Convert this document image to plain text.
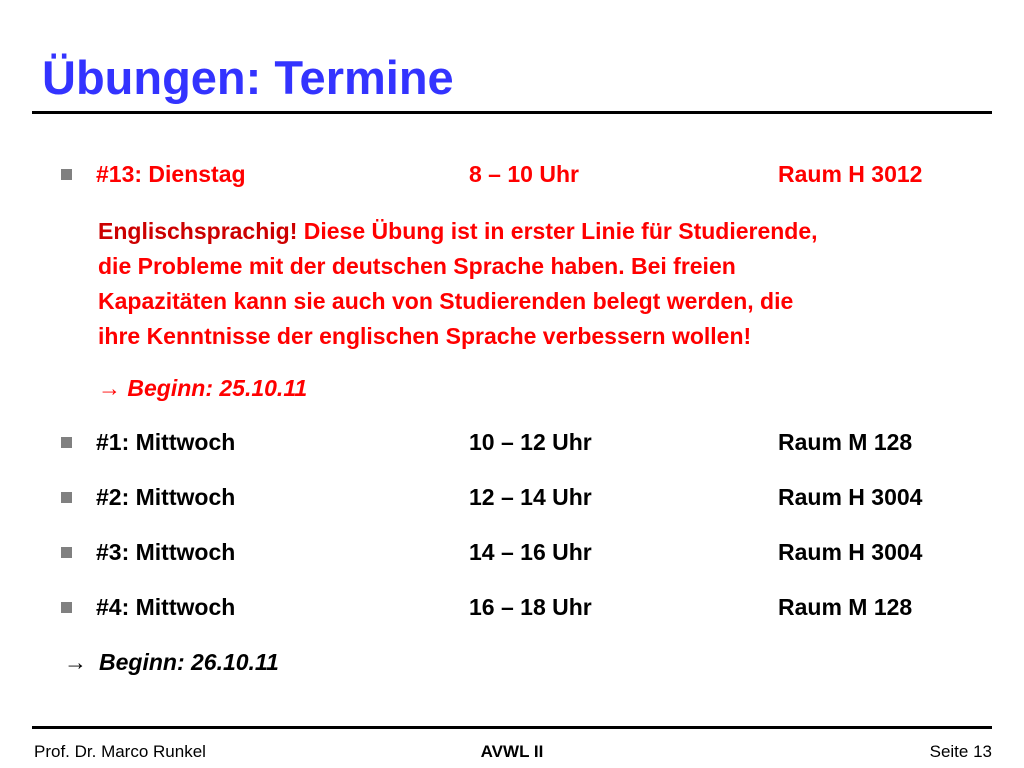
Übungen: Termine
#13: Dienstag	8 – 10 Uhr	Raum H 3012
Englischsprachig! Diese Übung ist in erster Linie für Studierende,
die Probleme mit der deutschen Sprache haben. Bei freien
Kapazitäten kann sie auch von Studierenden belegt werden, die
ihre Kenntnisse der englischen Sprache verbessern wollen!
→ Beginn: 25.10.11
#1: Mittwoch	10 – 12 Uhr	Raum M 128
#2: Mittwoch	12 – 14 Uhr	Raum H 3004
#3: Mittwoch	14 – 16 Uhr	Raum H 3004
#4: Mittwoch	16 – 18 Uhr	Raum M 128
→ Beginn: 26.10.11
Prof. Dr. Marco Runkel	AVWL II	Seite 13
